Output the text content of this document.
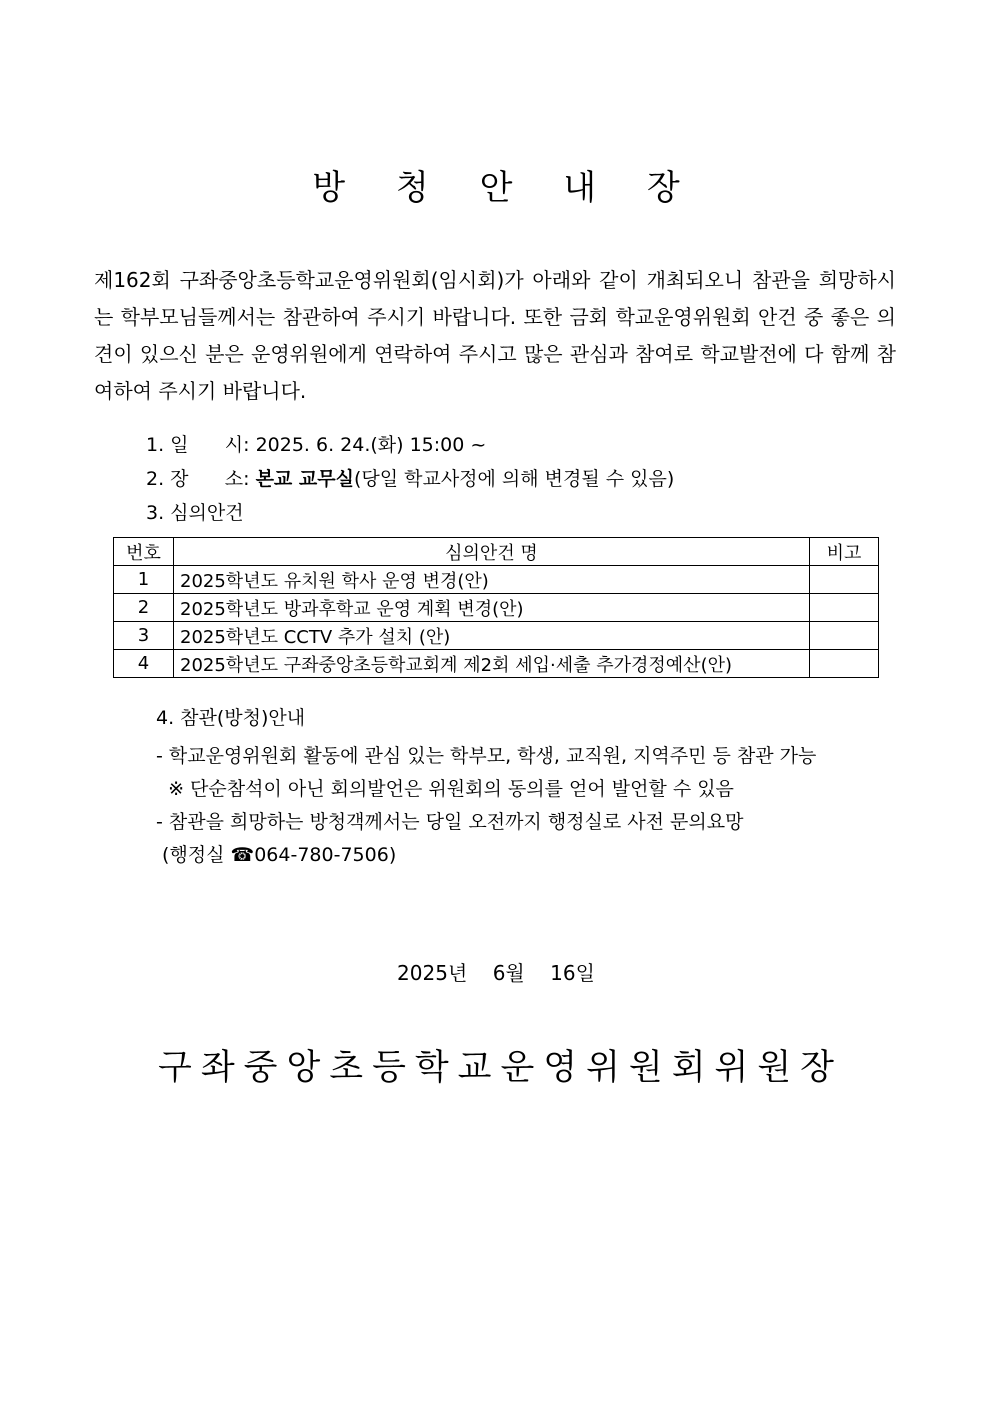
방 청 안 내 장

제162회 구좌중앙초등학교운영위원회(임시회)가 아래와 같이 개최되오니 참관을 희망하시는 학부모님들께서는 참관하여 주시기 바랍니다. 또한 금회 학교운영위원회 안건 중 좋은 의견이 있으신 분은 운영위원에게 연락하여 주시고 많은 관심과 참여로 학교발전에 다 함께 참여하여 주시기 바랍니다.

1. 일      시: 2025. 6. 24.(화) 15:00 ~
2. 장      소: 본교 교무실(당일 학교사정에 의해 변경될 수 있음)
3. 심의안건
번호	심의안건 명	비고
1	2025학년도 유치원 학사 운영 변경(안)	
2	2025학년도 방과후학교 운영 계획 변경(안)	
3	2025학년도 CCTV 추가 설치 (안)	
4	2025학년도 구좌중앙초등학교회계 제2회 세입·세출 추가경정예산(안)	
4. 참관(방청)안내
- 학교운영위원회 활동에 관심 있는 학부모, 학생, 교직원, 지역주민 등 참관 가능
※ 단순참석이 아닌 회의발언은 위원회의 동의를 얻어 발언할 수 있음
- 참관을 희망하는 방청객께서는 당일 오전까지 행정실로 사전 문의요망
(행정실 ☎064-780-7506)
2025년    6월    16일
구좌중앙초등학교운영위원회위원장
